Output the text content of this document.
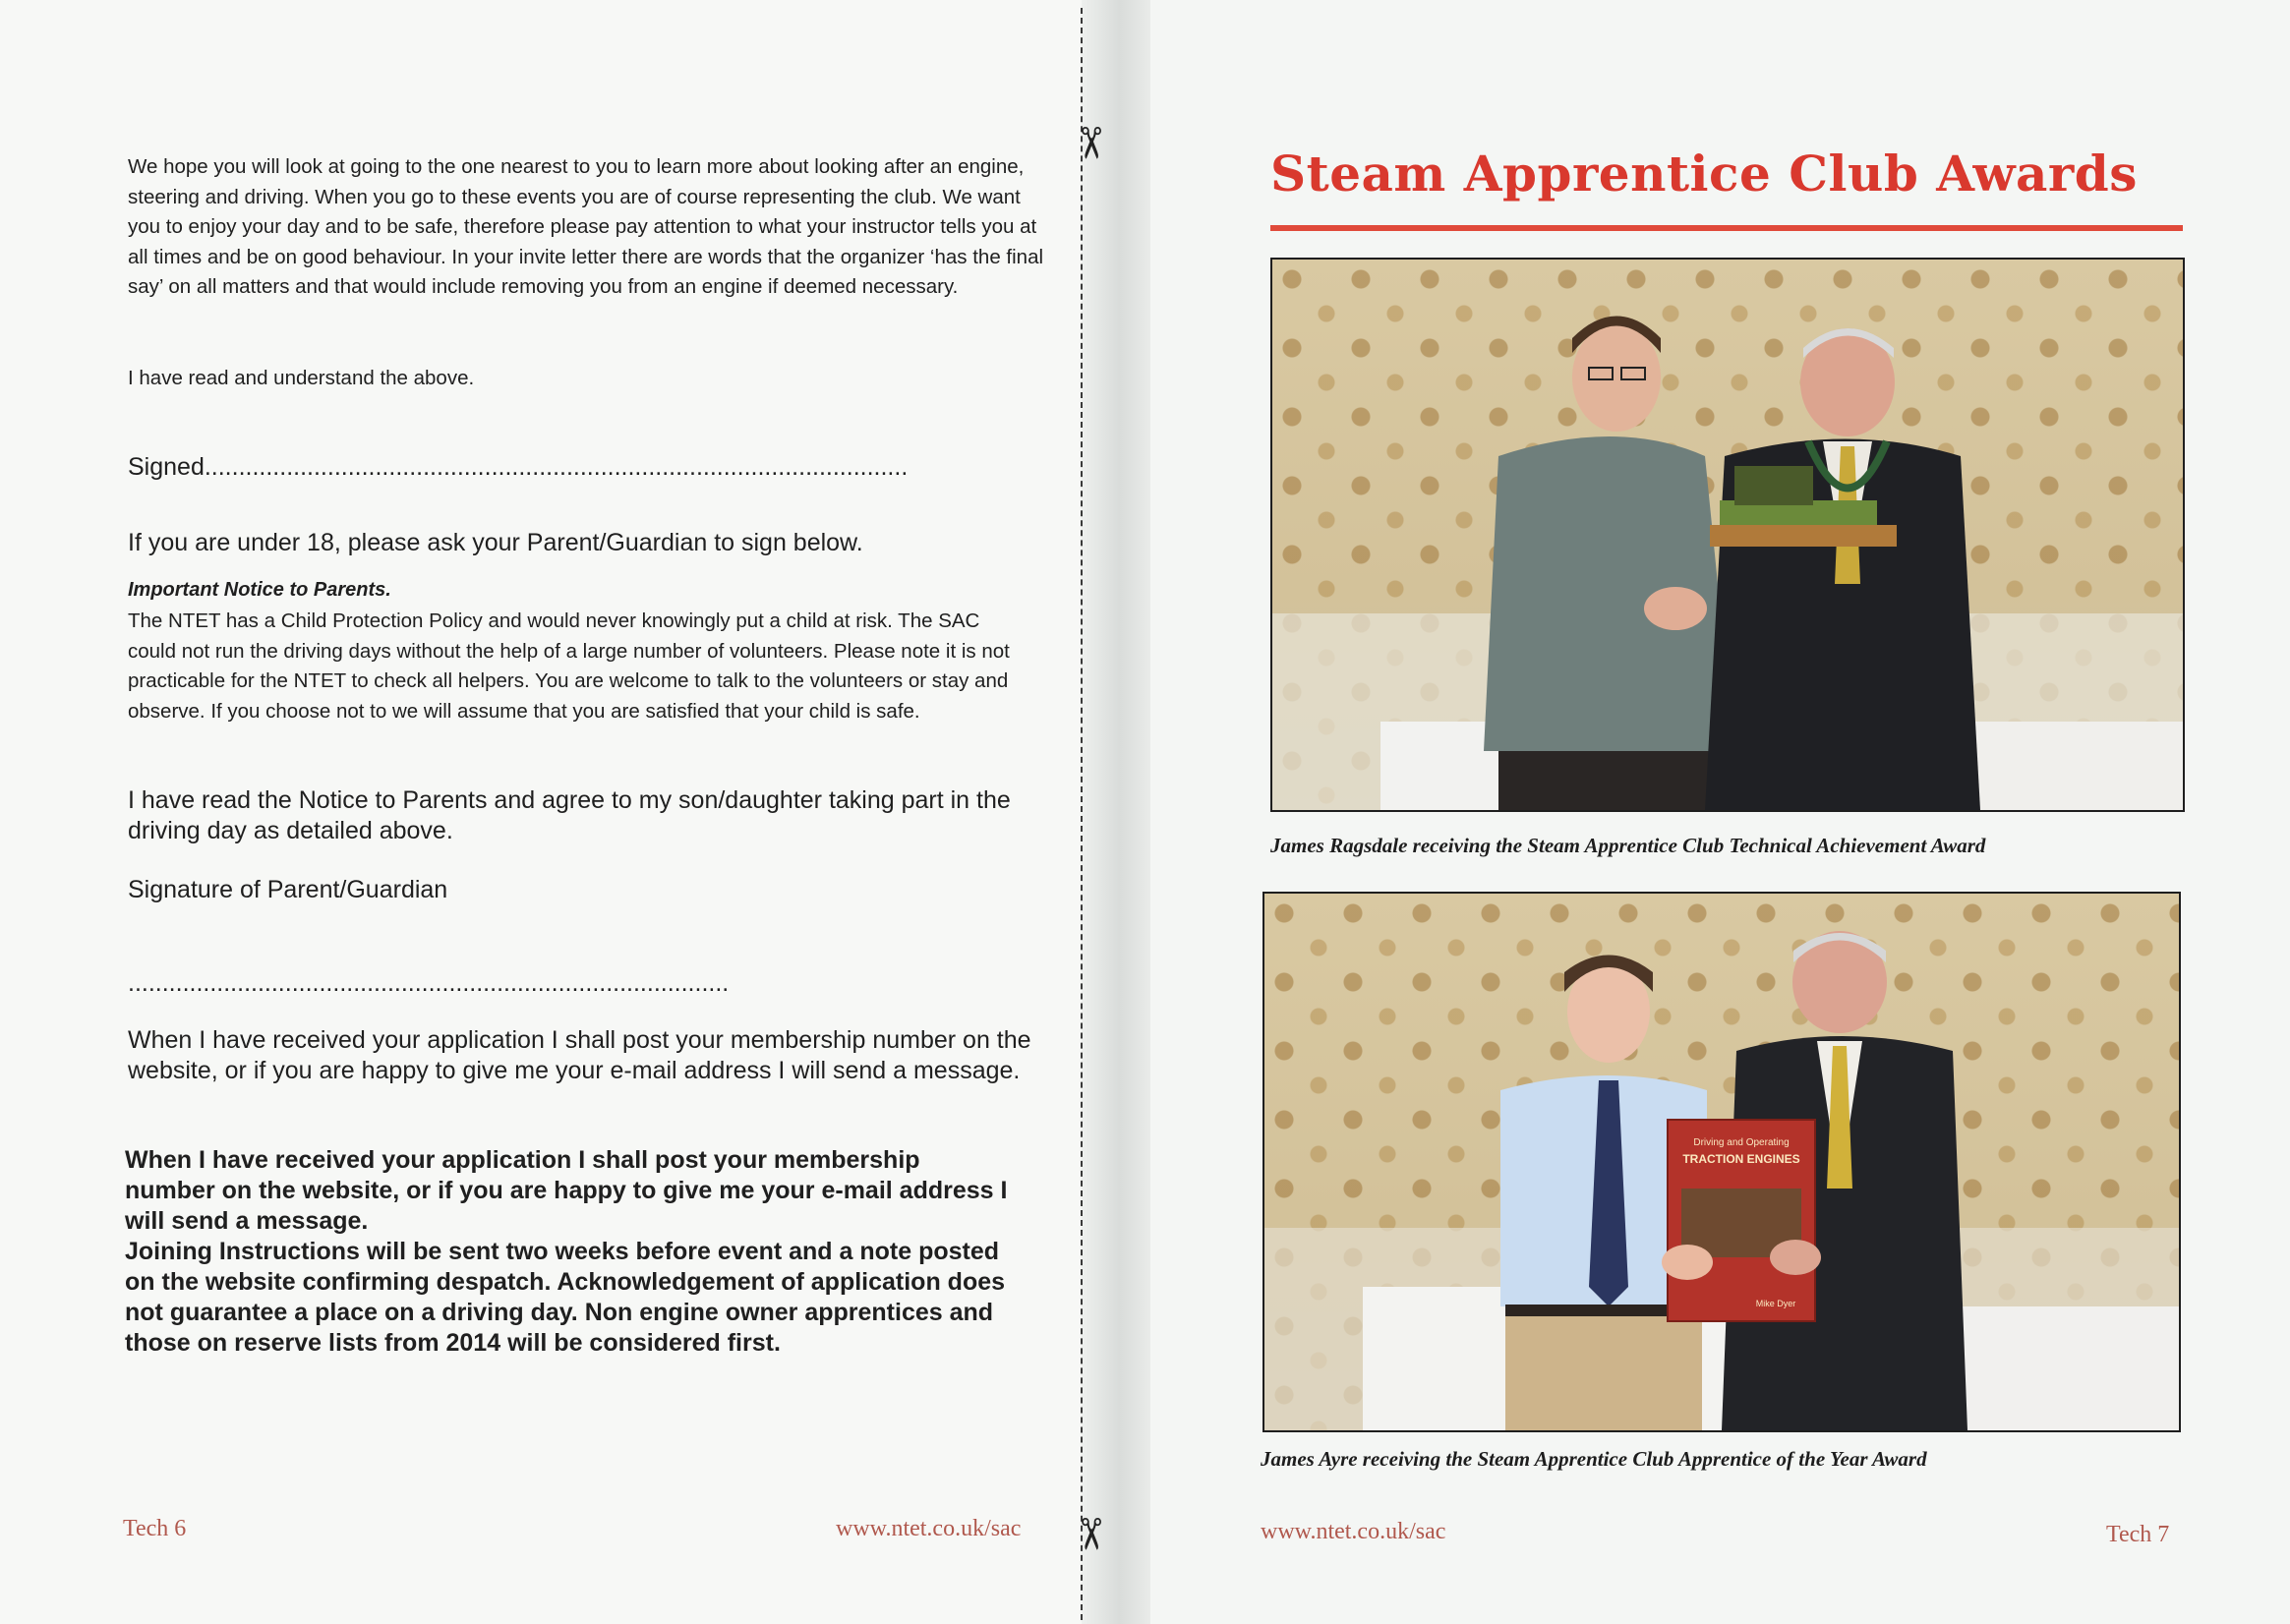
We hope you will look at going to the one nearest to you to learn more about looking after an engine, steering and driving. When you go to these events you are of course representing the club. We want you to enjoy your day and to be safe, therefore please pay attention to what your instructor tells you at all times and be on good behaviour. In your invite letter there are words that the organizer ‘has the final say’ on all matters and that would include removing you from an engine if deemed necessary.

I have read and understand the above.

Signed.......................................................................................................

If you are under 18, please ask your Parent/Guardian to sign below.

Important Notice to Parents.

The NTET has a Child Protection Policy and would never knowingly put a child at risk. The SAC could not run the driving days without the help of a large number of volunteers. Please note it is not practicable for the NTET to check all helpers. You are welcome to talk to the volunteers or stay and observe. If you choose not to we will assume that you are satisfied that your child is safe.

I have read the Notice to Parents and agree to my son/daughter taking part in the driving day as detailed above.

Signature of Parent/Guardian

........................................................................................

When I have received your application I shall post your membership number on the website, or if you are happy to give me your e-mail address I will send a message.

When I have received your application I shall post your membership number on the website, or if you are happy to give me your e-mail address I will send a message.

Joining Instructions will be sent two weeks before event and a note posted on the website confirming despatch. Acknowledgement of application does not guarantee a place on a driving day. Non engine owner apprentices and those on reserve lists from 2014 will be considered first.

Tech 6	www.ntet.co.uk/sac
✂
✂
Steam Apprentice Club Awards

James Ragsdale receiving the Steam Apprentice Club Technical Achievement Award

Driving and Operating
TRACTION ENGINES
Mike Dyer

James Ayre receiving the Steam Apprentice Club Apprentice of the Year Award

www.ntet.co.uk/sac	Tech 7
